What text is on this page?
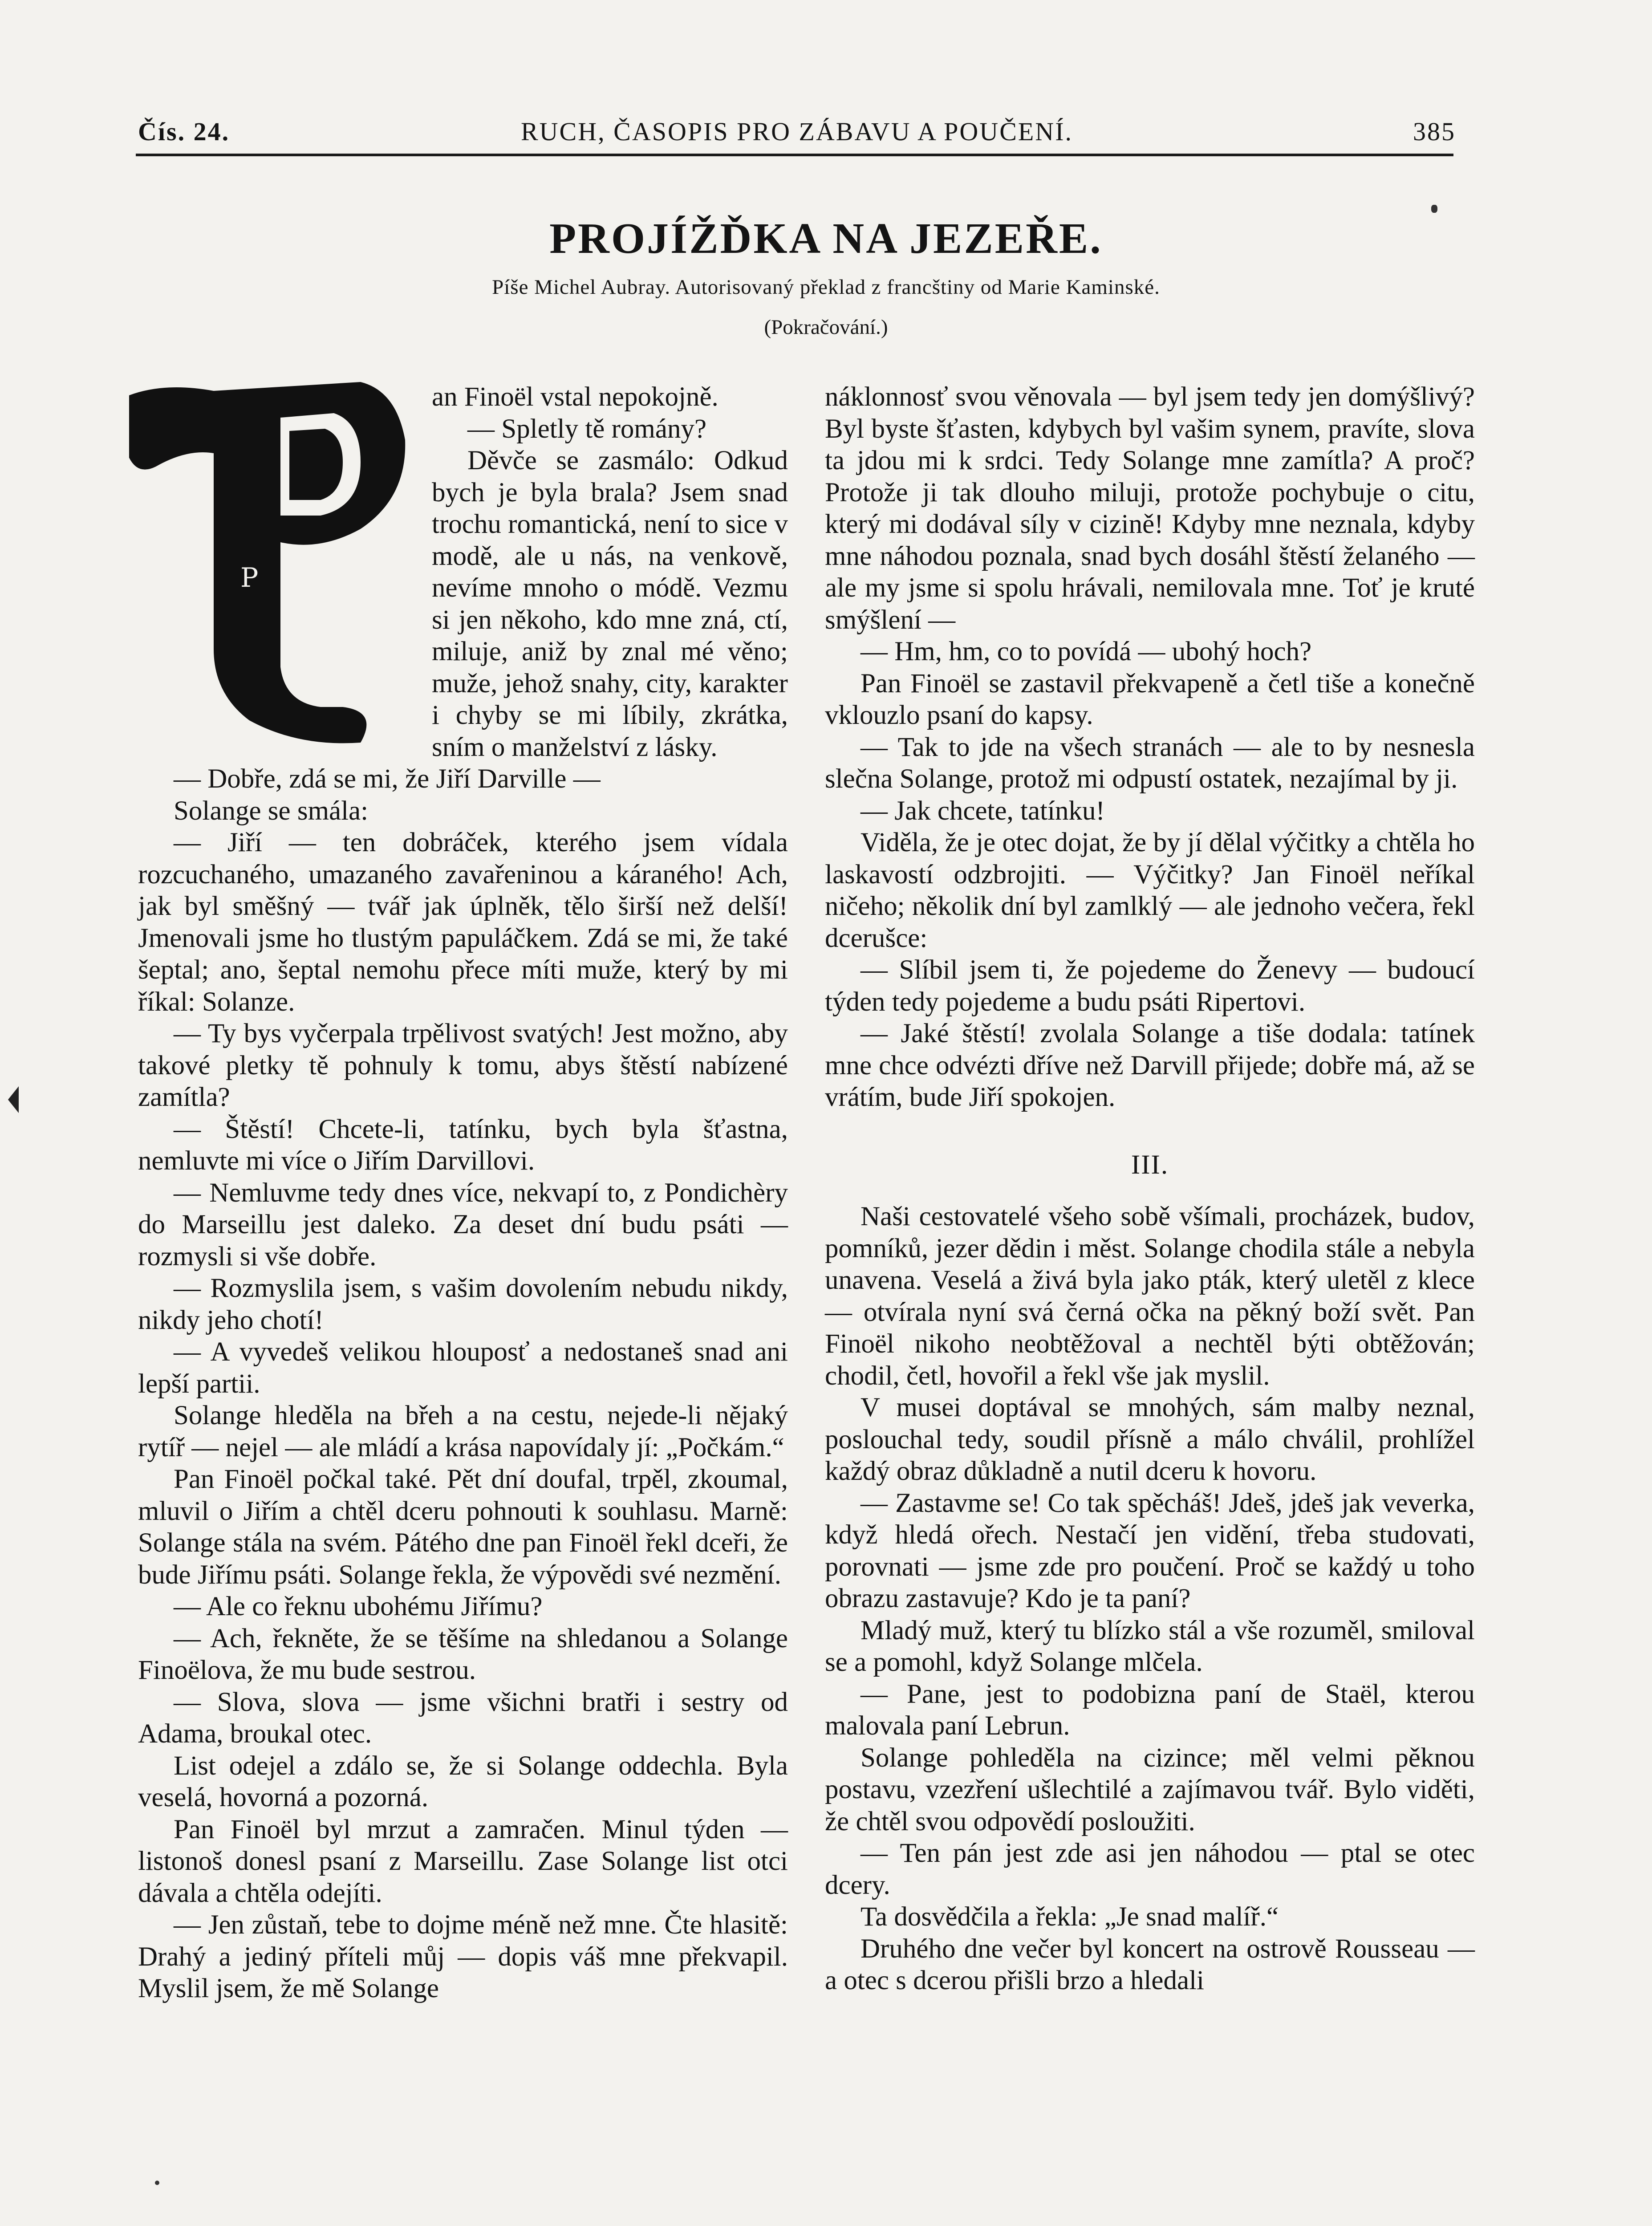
Čís. 24.	RUCH, ČASOPIS PRO ZÁBAVU A POUČENÍ.	385
PROJÍŽĎKA NA JEZEŘE.
Píše Michel Aubray. Autorisovaný překlad z francštiny od Marie Kaminské.
(Pokračování.)
P

an Finoël vstal nepokojně.

— Spletly tě romány?

Děvče se zasmálo: Odkud bych je byla brala? Jsem snad trochu romantická, není to sice v modě, ale u nás, na venkově, nevíme mnoho o módě. Vezmu si jen někoho, kdo mne zná, ctí, miluje, aniž by znal mé věno; muže, jehož snahy, city, karakter i chyby se mi líbily, zkrátka, sním o manželství z lásky.

— Dobře, zdá se mi, že Jiří Darville —

Solange se smála:

— Jiří — ten dobráček, kterého jsem vídala rozcuchaného, umazaného zavařeninou a káraného! Ach, jak byl směšný — tvář jak úplněk, tělo širší než delší! Jmenovali jsme ho tlustým papuláčkem. Zdá se mi, že také šeptal; ano, šeptal nemohu přece míti muže, který by mi říkal: Solanze.

— Ty bys vyčerpala trpělivost svatých! Jest možno, aby takové pletky tě pohnuly k tomu, abys štěstí nabízené zamítla?

— Štěstí! Chcete-li, tatínku, bych byla šťastna, nemluvte mi více o Jiřím Darvillovi.

— Nemluvme tedy dnes více, nekvapí to, z Pondichèry do Marseillu jest daleko. Za deset dní budu psáti — rozmysli si vše dobře.

— Rozmyslila jsem, s vašim dovolením nebudu nikdy, nikdy jeho chotí!

— A vyvedeš velikou hlouposť a nedostaneš snad ani lepší partii.

Solange hleděla na břeh a na cestu, nejede-li nějaký rytíř — nejel — ale mládí a krása napovídaly jí: „Počkám.“

Pan Finoël počkal také. Pět dní doufal, trpěl, zkoumal, mluvil o Jiřím a chtěl dceru pohnouti k souhlasu. Marně: Solange stála na svém. Pátého dne pan Finoël řekl dceři, že bude Jiřímu psáti. Solange řekla, že výpovědi své nezmění.

— Ale co řeknu ubohému Jiřímu?

— Ach, řekněte, že se těšíme na shledanou a Solange Finoëlova, že mu bude sestrou.

— Slova, slova — jsme všichni bratři i sestry od Adama, broukal otec.

List odejel a zdálo se, že si Solange oddechla. Byla veselá, hovorná a pozorná.

Pan Finoël byl mrzut a zamračen. Minul týden — listonoš donesl psaní z Marseillu. Zase Solange list otci dávala a chtěla odejíti.

— Jen zůstaň, tebe to dojme méně než mne. Čte hlasitě: Drahý a jediný příteli můj — dopis váš mne překvapil. Myslil jsem, že mě Solange

náklonnosť svou věnovala — byl jsem tedy jen domýšlivý? Byl byste šťasten, kdybych byl vašim synem, pravíte, slova ta jdou mi k srdci. Tedy Solange mne zamítla? A proč? Protože ji tak dlouho miluji, protože pochybuje o citu, který mi dodával síly v cizině! Kdyby mne neznala, kdyby mne náhodou poznala, snad bych dosáhl štěstí želaného — ale my jsme si spolu hrávali, nemilovala mne. Toť je kruté smýšlení —

— Hm, hm, co to povídá — ubohý hoch?

Pan Finoël se zastavil překvapeně a četl tiše a konečně vklouzlo psaní do kapsy.

— Tak to jde na všech stranách — ale to by nesnesla slečna Solange, protož mi odpustí ostatek, nezajímal by ji.

— Jak chcete, tatínku!

Viděla, že je otec dojat, že by jí dělal výčitky a chtěla ho laskavostí odzbrojiti. — Výčitky? Jan Finoël neříkal ničeho; několik dní byl zamlklý — ale jednoho večera, řekl dcerušce:

— Slíbil jsem ti, že pojedeme do Ženevy — budoucí týden tedy pojedeme a budu psáti Ripertovi.

— Jaké štěstí! zvolala Solange a tiše dodala: tatínek mne chce odvézti dříve než Darvill přijede; dobře má, až se vrátím, bude Jiří spokojen.

III.

Naši cestovatelé všeho sobě všímali, procházek, budov, pomníků, jezer dědin i měst. Solange chodila stále a nebyla unavena. Veselá a živá byla jako pták, který uletěl z klece — otvírala nyní svá černá očka na pěkný boží svět. Pan Finoël nikoho neobtěžoval a nechtěl býti obtěžován; chodil, četl, hovořil a řekl vše jak myslil.

V musei doptával se mnohých, sám malby neznal, poslouchal tedy, soudil přísně a málo chválil, prohlížel každý obraz důkladně a nutil dceru k hovoru.

— Zastavme se! Co tak spěcháš! Jdeš, jdeš jak veverka, když hledá ořech. Nestačí jen vidění, třeba studovati, porovnati — jsme zde pro poučení. Proč se každý u toho obrazu zastavuje? Kdo je ta paní?

Mladý muž, který tu blízko stál a vše rozuměl, smiloval se a pomohl, když Solange mlčela.

— Pane, jest to podobizna paní de Staël, kterou malovala paní Lebrun.

Solange pohleděla na cizince; měl velmi pěknou postavu, vzezření ušlechtilé a zajímavou tvář. Bylo viděti, že chtěl svou odpovědí posloužiti.

— Ten pán jest zde asi jen náhodou — ptal se otec dcery.

Ta dosvědčila a řekla: „Je snad malíř.“

Druhého dne večer byl koncert na ostrově Rousseau — a otec s dcerou přišli brzo a hledali
